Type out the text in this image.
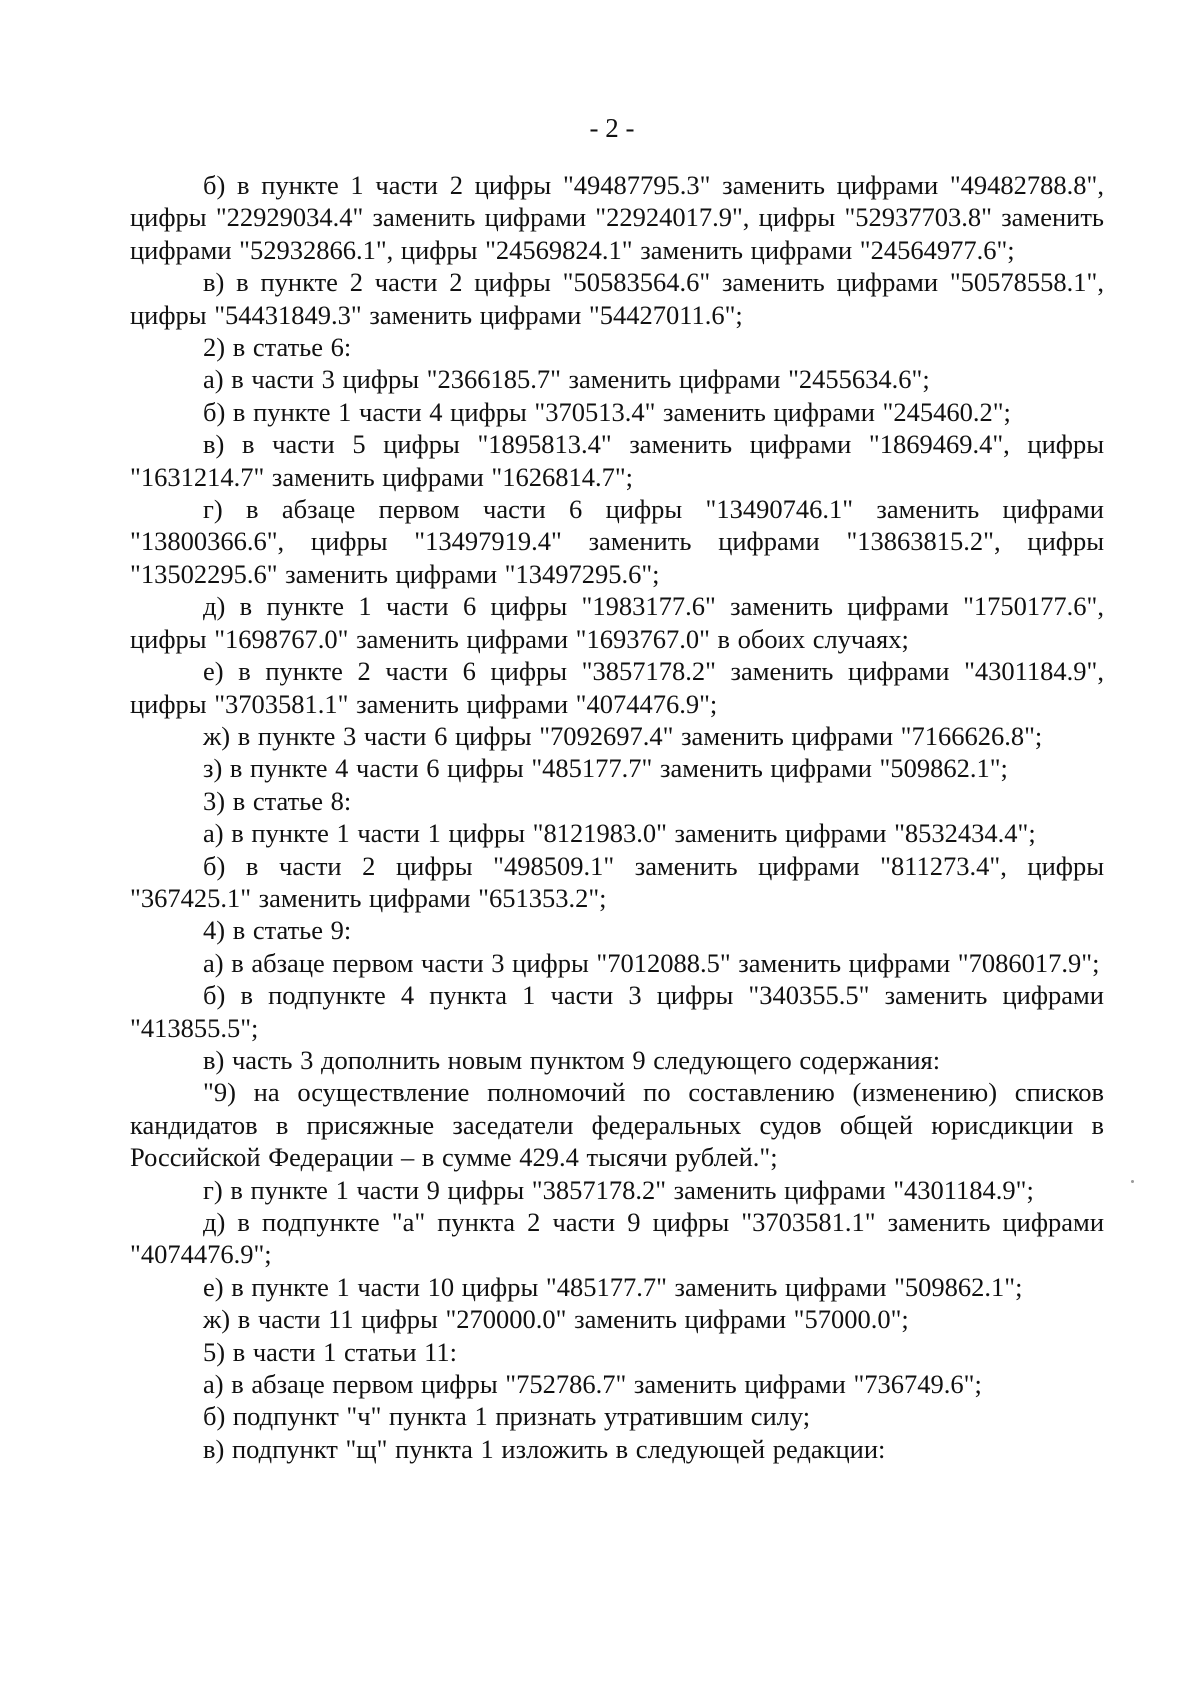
- 2 -

б) в пункте 1 части 2 цифры "49487795.3" заменить цифрами "49482788.8", цифры "22929034.4" заменить цифрами "22924017.9", цифры "52937703.8" заменить цифрами "52932866.1", цифры "24569824.1" заменить цифрами "24564977.6";

в) в пункте 2 части 2 цифры "50583564.6" заменить цифрами "50578558.1", цифры "54431849.3" заменить цифрами "54427011.6";

2) в статье 6:

а) в части 3 цифры "2366185.7" заменить цифрами "2455634.6";

б) в пункте 1 части 4 цифры "370513.4" заменить цифрами "245460.2";

в) в части 5 цифры "1895813.4" заменить цифрами "1869469.4", цифры "1631214.7" заменить цифрами "1626814.7";

г) в абзаце первом части 6 цифры "13490746.1" заменить цифрами "13800366.6", цифры "13497919.4" заменить цифрами "13863815.2", цифры "13502295.6" заменить цифрами "13497295.6";

д) в пункте 1 части 6 цифры "1983177.6" заменить цифрами "1750177.6", цифры "1698767.0" заменить цифрами "1693767.0" в обоих случаях;

е) в пункте 2 части 6 цифры "3857178.2" заменить цифрами "4301184.9", цифры "3703581.1" заменить цифрами "4074476.9";

ж) в пункте 3 части 6 цифры "7092697.4" заменить цифрами "7166626.8";

з) в пункте 4 части 6 цифры "485177.7" заменить цифрами "509862.1";

3) в статье 8:

а) в пункте 1 части 1 цифры "8121983.0" заменить цифрами "8532434.4";

б) в части 2 цифры "498509.1" заменить цифрами "811273.4", цифры "367425.1" заменить цифрами "651353.2";

4) в статье 9:

а) в абзаце первом части 3 цифры "7012088.5" заменить цифрами "7086017.9";

б) в подпункте 4 пункта 1 части 3 цифры "340355.5" заменить цифрами "413855.5";

в) часть 3 дополнить новым пунктом 9 следующего содержания:

"9) на осуществление полномочий по составлению (изменению) списков кандидатов в присяжные заседатели федеральных судов общей юрисдикции в Российской Федерации – в сумме 429.4 тысячи рублей.";

г) в пункте 1 части 9 цифры "3857178.2" заменить цифрами "4301184.9";

д) в подпункте "а" пункта 2 части 9 цифры "3703581.1" заменить цифрами "4074476.9";

е) в пункте 1 части 10 цифры "485177.7" заменить цифрами "509862.1";

ж) в части 11 цифры "270000.0" заменить цифрами "57000.0";

5) в части 1 статьи 11:

а) в абзаце первом цифры "752786.7" заменить цифрами "736749.6";

б) подпункт "ч" пункта 1 признать утратившим силу;

в) подпункт "щ" пункта 1 изложить в следующей редакции:
